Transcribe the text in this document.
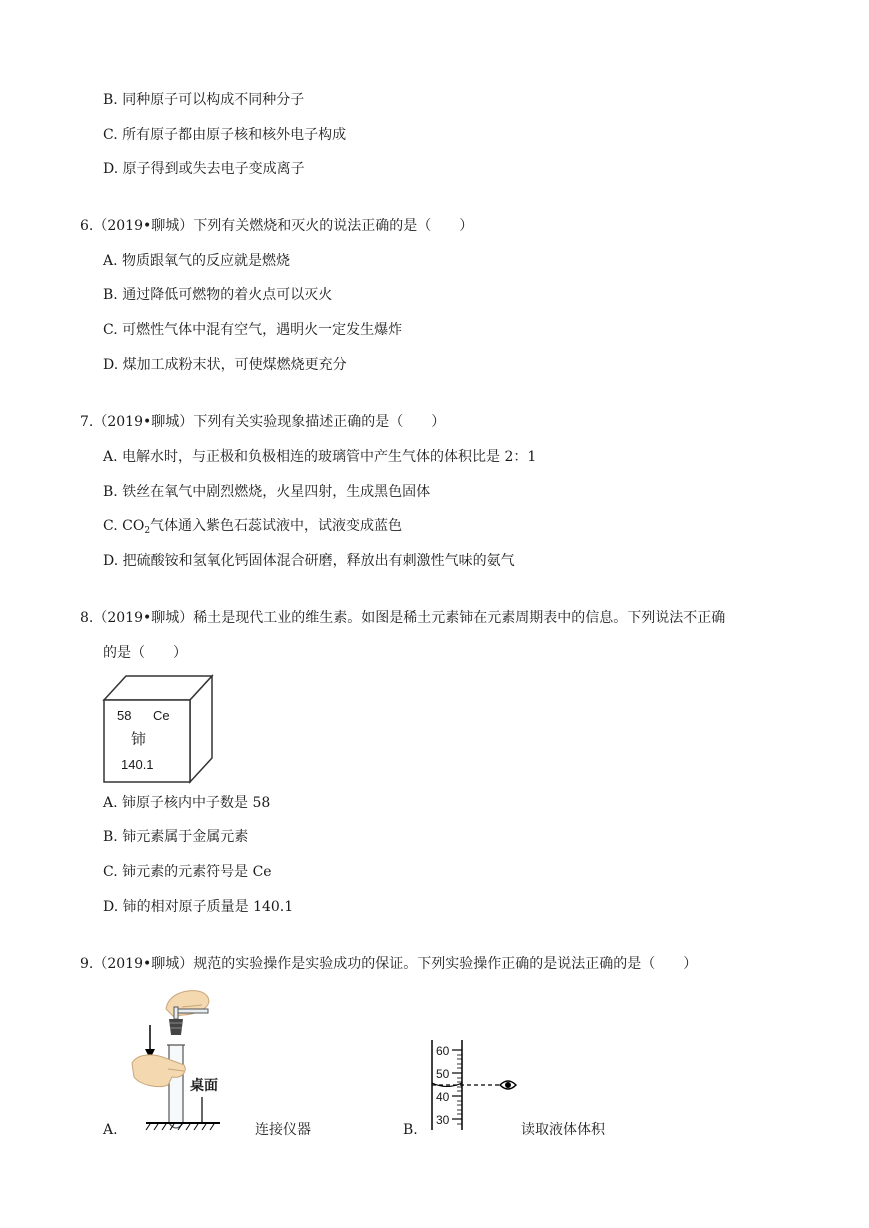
B. 同种原子可以构成不同种分子
C. 所有原子都由原子核和核外电子构成
D. 原子得到或失去电子变成离子
6.（2019•聊城）下列有关燃烧和灭火的说法正确的是（　　）
A. 物质跟氧气的反应就是燃烧
B. 通过降低可燃物的着火点可以灭火
C. 可燃性气体中混有空气，遇明火一定发生爆炸
D. 煤加工成粉末状，可使煤燃烧更充分
7.（2019•聊城）下列有关实验现象描述正确的是（　　）
A. 电解水时，与正极和负极相连的玻璃管中产生气体的体积比是 2：1
B. 铁丝在氧气中剧烈燃烧，火星四射，生成黑色固体
C. $CO_2$气体通入紫色石蕊试液中，试液变成蓝色
D. 把硫酸铵和氢氧化钙固体混合研磨，释放出有刺激性气味的氨气
8.（2019•聊城）稀土是现代工业的维生素。如图是稀土元素铈在元素周期表中的信息。下列说法不正确
的是（　　）
58 Ce
铈
140.1
A. 铈原子核内中子数是 58
B. 铈元素属于金属元素
C. 铈元素的元素符号是 Ce
D. 铈的相对原子质量是 140.1
9.（2019•聊城）规范的实验操作是实验成功的保证。下列实验操作正确的是说法正确的是（　　）
A.
桌面
连接仪器	B.
60
50
40
30
读取液体体积
